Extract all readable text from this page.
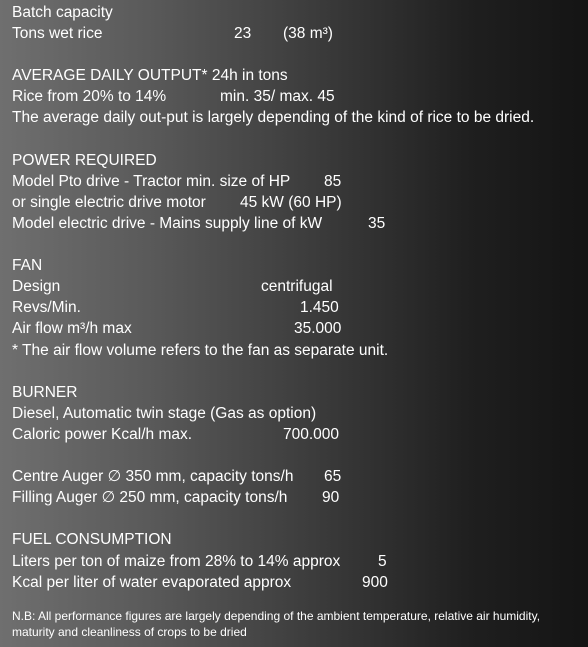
Batch capacity
Tons wet rice	23 (38 m³)
AVERAGE DAILY OUTPUT* 24h in tons
Rice from 20% to 14%	min. 35/ max. 45
The average daily out-put is largely depending of the kind of rice to be dried.
POWER REQUIRED
Model Pto drive - Tractor min. size of HP 85
or single electric drive motor 45 kW (60 HP)
Model electric drive - Mains supply line of kW	35
FAN
Design	centrifugal
Revs/Min.	1.450
Air flow m³/h max	35.000
* The air flow volume refers to the fan as separate unit.
BURNER
Diesel, Automatic twin stage (Gas as option)
Caloric power Kcal/h max.	700.000
Centre Auger ∅ 350 mm, capacity tons/h 65
Filling Auger ∅ 250 mm, capacity tons/h 90
FUEL CONSUMPTION
Liters per ton of maize from 28% to 14% approx 5
Kcal per liter of water evaporated approx	900
N.B: All performance figures are largely depending of the ambient temperature, relative air humidity,
maturity and cleanliness of crops to be dried
